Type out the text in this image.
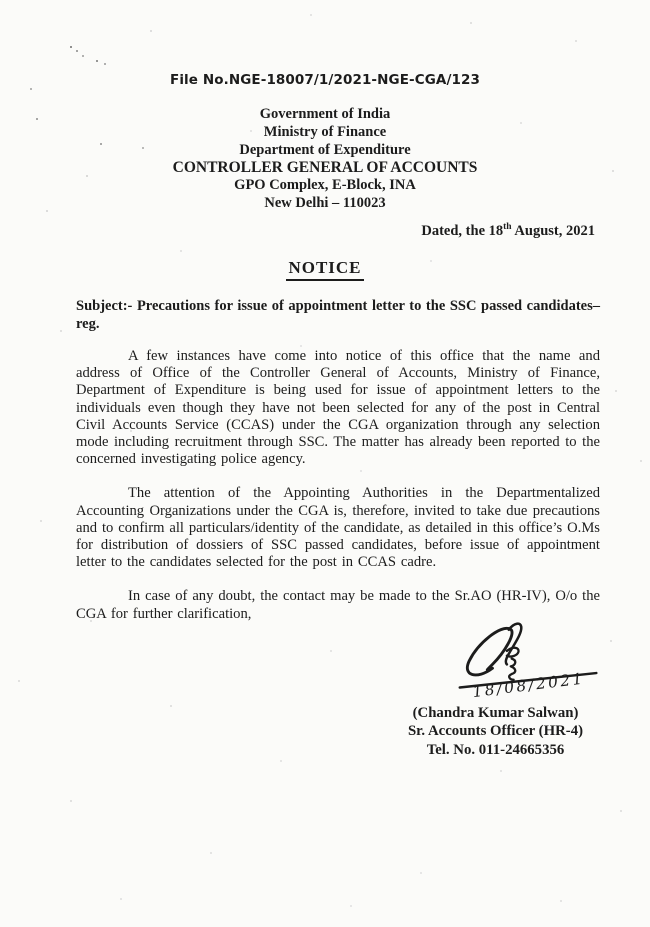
File No.NGE-18007/1/2021-NGE-CGA/123
Government of India
Ministry of Finance
Department of Expenditure
CONTROLLER GENERAL OF ACCOUNTS
GPO Complex, E-Block, INA
New Delhi – 110023
Dated, the 18th August, 2021
NOTICE

Subject:- Precautions for issue of appointment letter to the SSC passed candidates– reg.

A few instances have come into notice of this office that the name and address of Office of the Controller General of Accounts, Ministry of Finance, Department of Expenditure is being used for issue of appointment letters to the individuals even though they have not been selected for any of the post in Central Civil Accounts Service (CCAS) under the CGA organization through any selection mode including recruitment through SSC. The matter has already been reported to the concerned investigating police agency.

The attention of the Appointing Authorities in the Departmentalized Accounting Organizations under the CGA is, therefore, invited to take due precautions and to confirm all particulars/identity of the candidate, as detailed in this office’s O.Ms for distribution of dossiers of SSC passed candidates, before issue of appointment letter to the candidates selected for the post in CCAS cadre.

In case of any doubt, the contact may be made to the Sr.AO (HR-IV), O/o the CGA for further clarification,

18/08/2021
(Chandra Kumar Salwan)
Sr. Accounts Officer (HR-4)
Tel. No. 011-24665356
